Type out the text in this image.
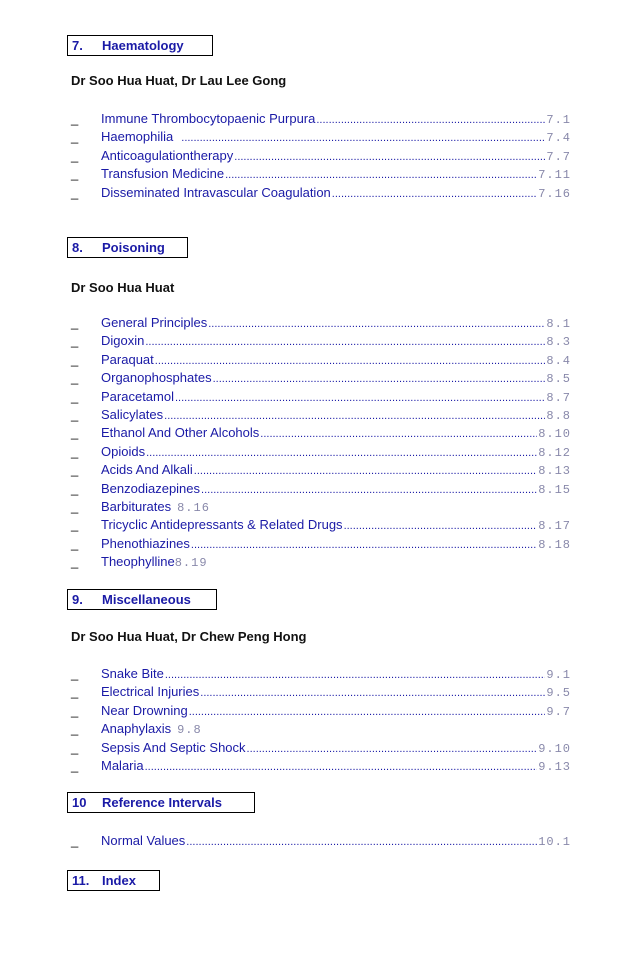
7.	Haematology
Dr Soo Hua Huat, Dr Lau Lee Gong
_	Immune Thrombocytopaenic Purpura .....	7.1
_	Haemophilia .....	7.4
_	Anticoagulationtherapy .....	7.7
_	Transfusion Medicine .....	7.11
_	Disseminated Intravascular Coagulation .....	7.16
8.	Poisoning
Dr Soo Hua Huat
_	General Principles .....	8.1
_	Digoxin .....	8.3
_	Paraquat .....	8.4
_	Organophosphates .....	8.5
_	Paracetamol .....	8.7
_	Salicylates .....	8.8
_	Ethanol And Other Alcohols .....	8.10
_	Opioids .....	8.12
_	Acids And Alkali .....	8.13
_	Benzodiazepines .....	8.15
_	Barbiturates 8.16
_	Tricyclic Antidepressants & Related Drugs .....	8.17
_	Phenothiazines .....	8.18
_	Theophylline 8.19
9.	Miscellaneous
Dr Soo Hua Huat, Dr Chew Peng Hong
_	Snake Bite .....	9.1
_	Electrical Injuries .....	9.5
_	Near Drowning .....	9.7
_	Anaphylaxis 9.8
_	Sepsis And Septic Shock .....	9.10
_	Malaria .....	9.13
10	Reference Intervals
_	Normal Values .....	10.1
11. Index
